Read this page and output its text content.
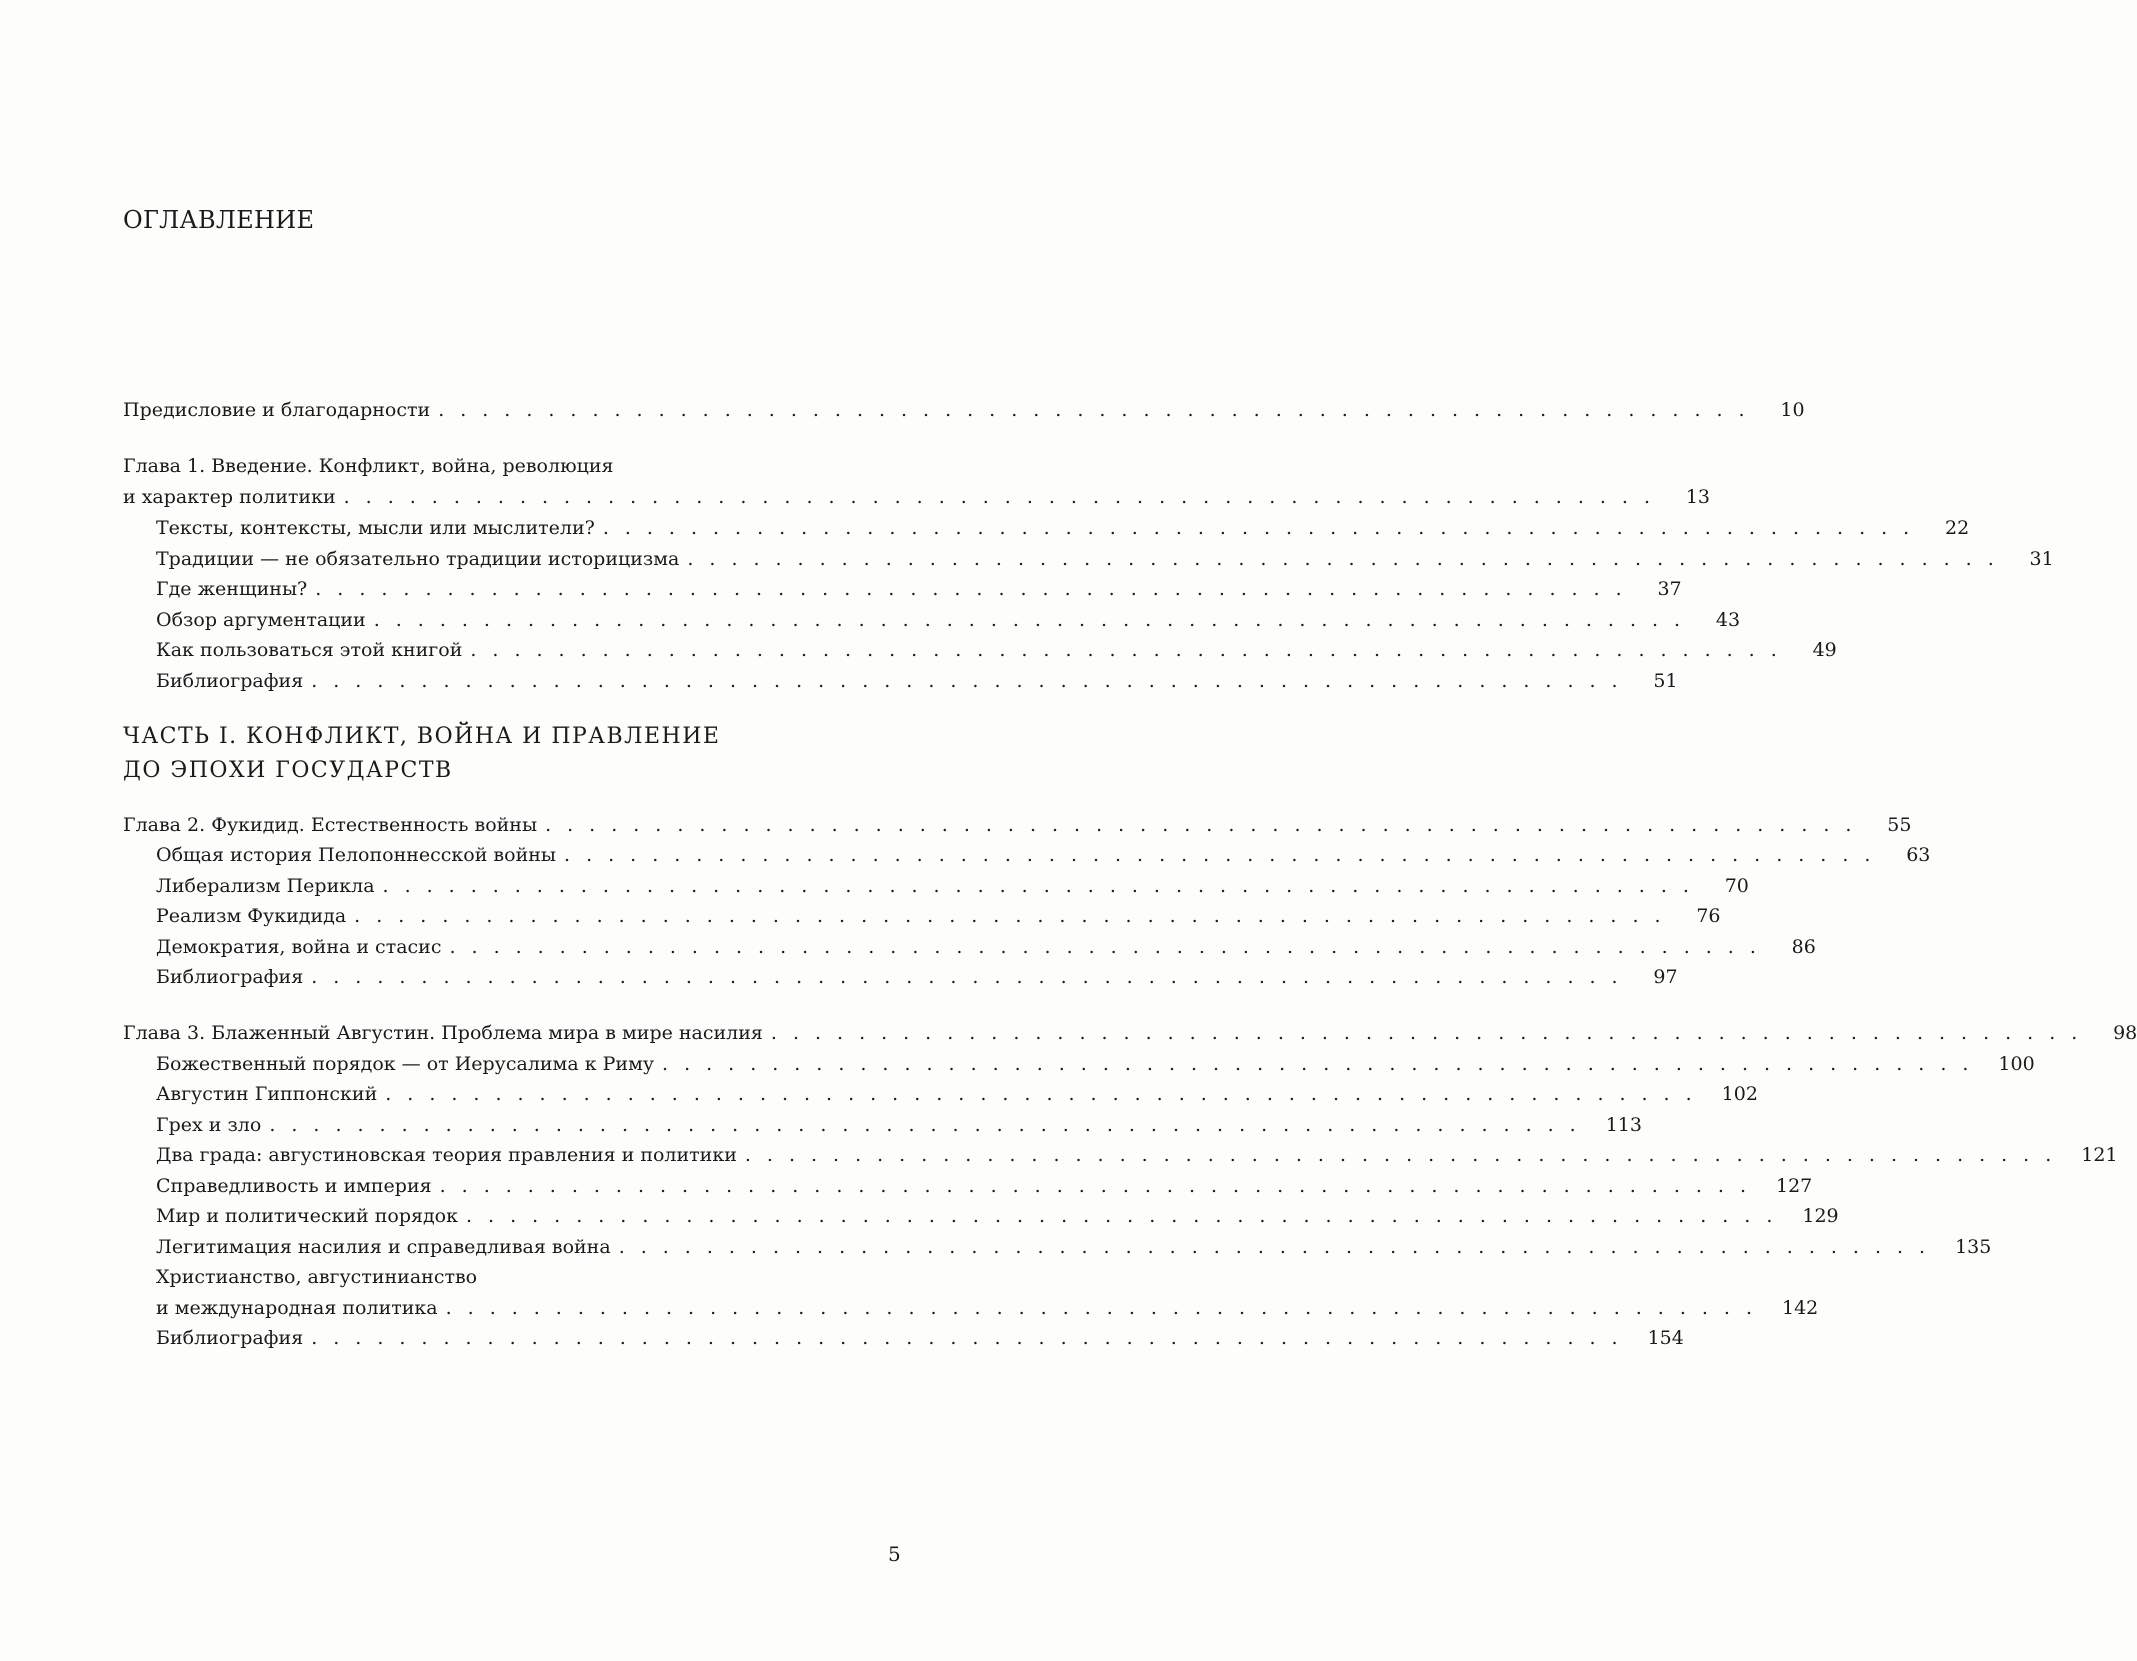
ОГЛАВЛЕНИЕ
Предисловие и благодарности ............................................................	10
Глава 1. Введение. Конфликт, война, революция
и характер политики ............................................................	13
Тексты, контексты, мысли или мыслители? ............................................................	22
Традиции — не обязательно традиции историцизма ............................................................	31
Где женщины? ............................................................	37
Обзор аргументации ............................................................	43
Как пользоваться этой книгой ............................................................	49
Библиография ............................................................	51
ЧАСТЬ I. КОНФЛИКТ, ВОЙНА И ПРАВЛЕНИЕ
ДО ЭПОХИ ГОСУДАРСТВ
Глава 2. Фукидид. Естественность войны ............................................................	55
Общая история Пелопоннесской войны ............................................................	63
Либерализм Перикла ............................................................	70
Реализм Фукидида ............................................................	76
Демократия, война и стасис ............................................................	86
Библиография ............................................................	97
Глава 3. Блаженный Августин. Проблема мира в мире насилия ............................................................	98
Божественный порядок — от Иерусалима к Риму ............................................................ 100
Августин Гиппонский ............................................................ 102
Грех и зло ............................................................ 113
Два града: августиновская теория правления и политики ............................................................ 121
Справедливость и империя ............................................................ 127
Мир и политический порядок ............................................................ 129
Легитимация насилия и справедливая война ............................................................ 135
Христианство, августинианство
и международная политика ............................................................ 142
Библиография ............................................................ 154
5
